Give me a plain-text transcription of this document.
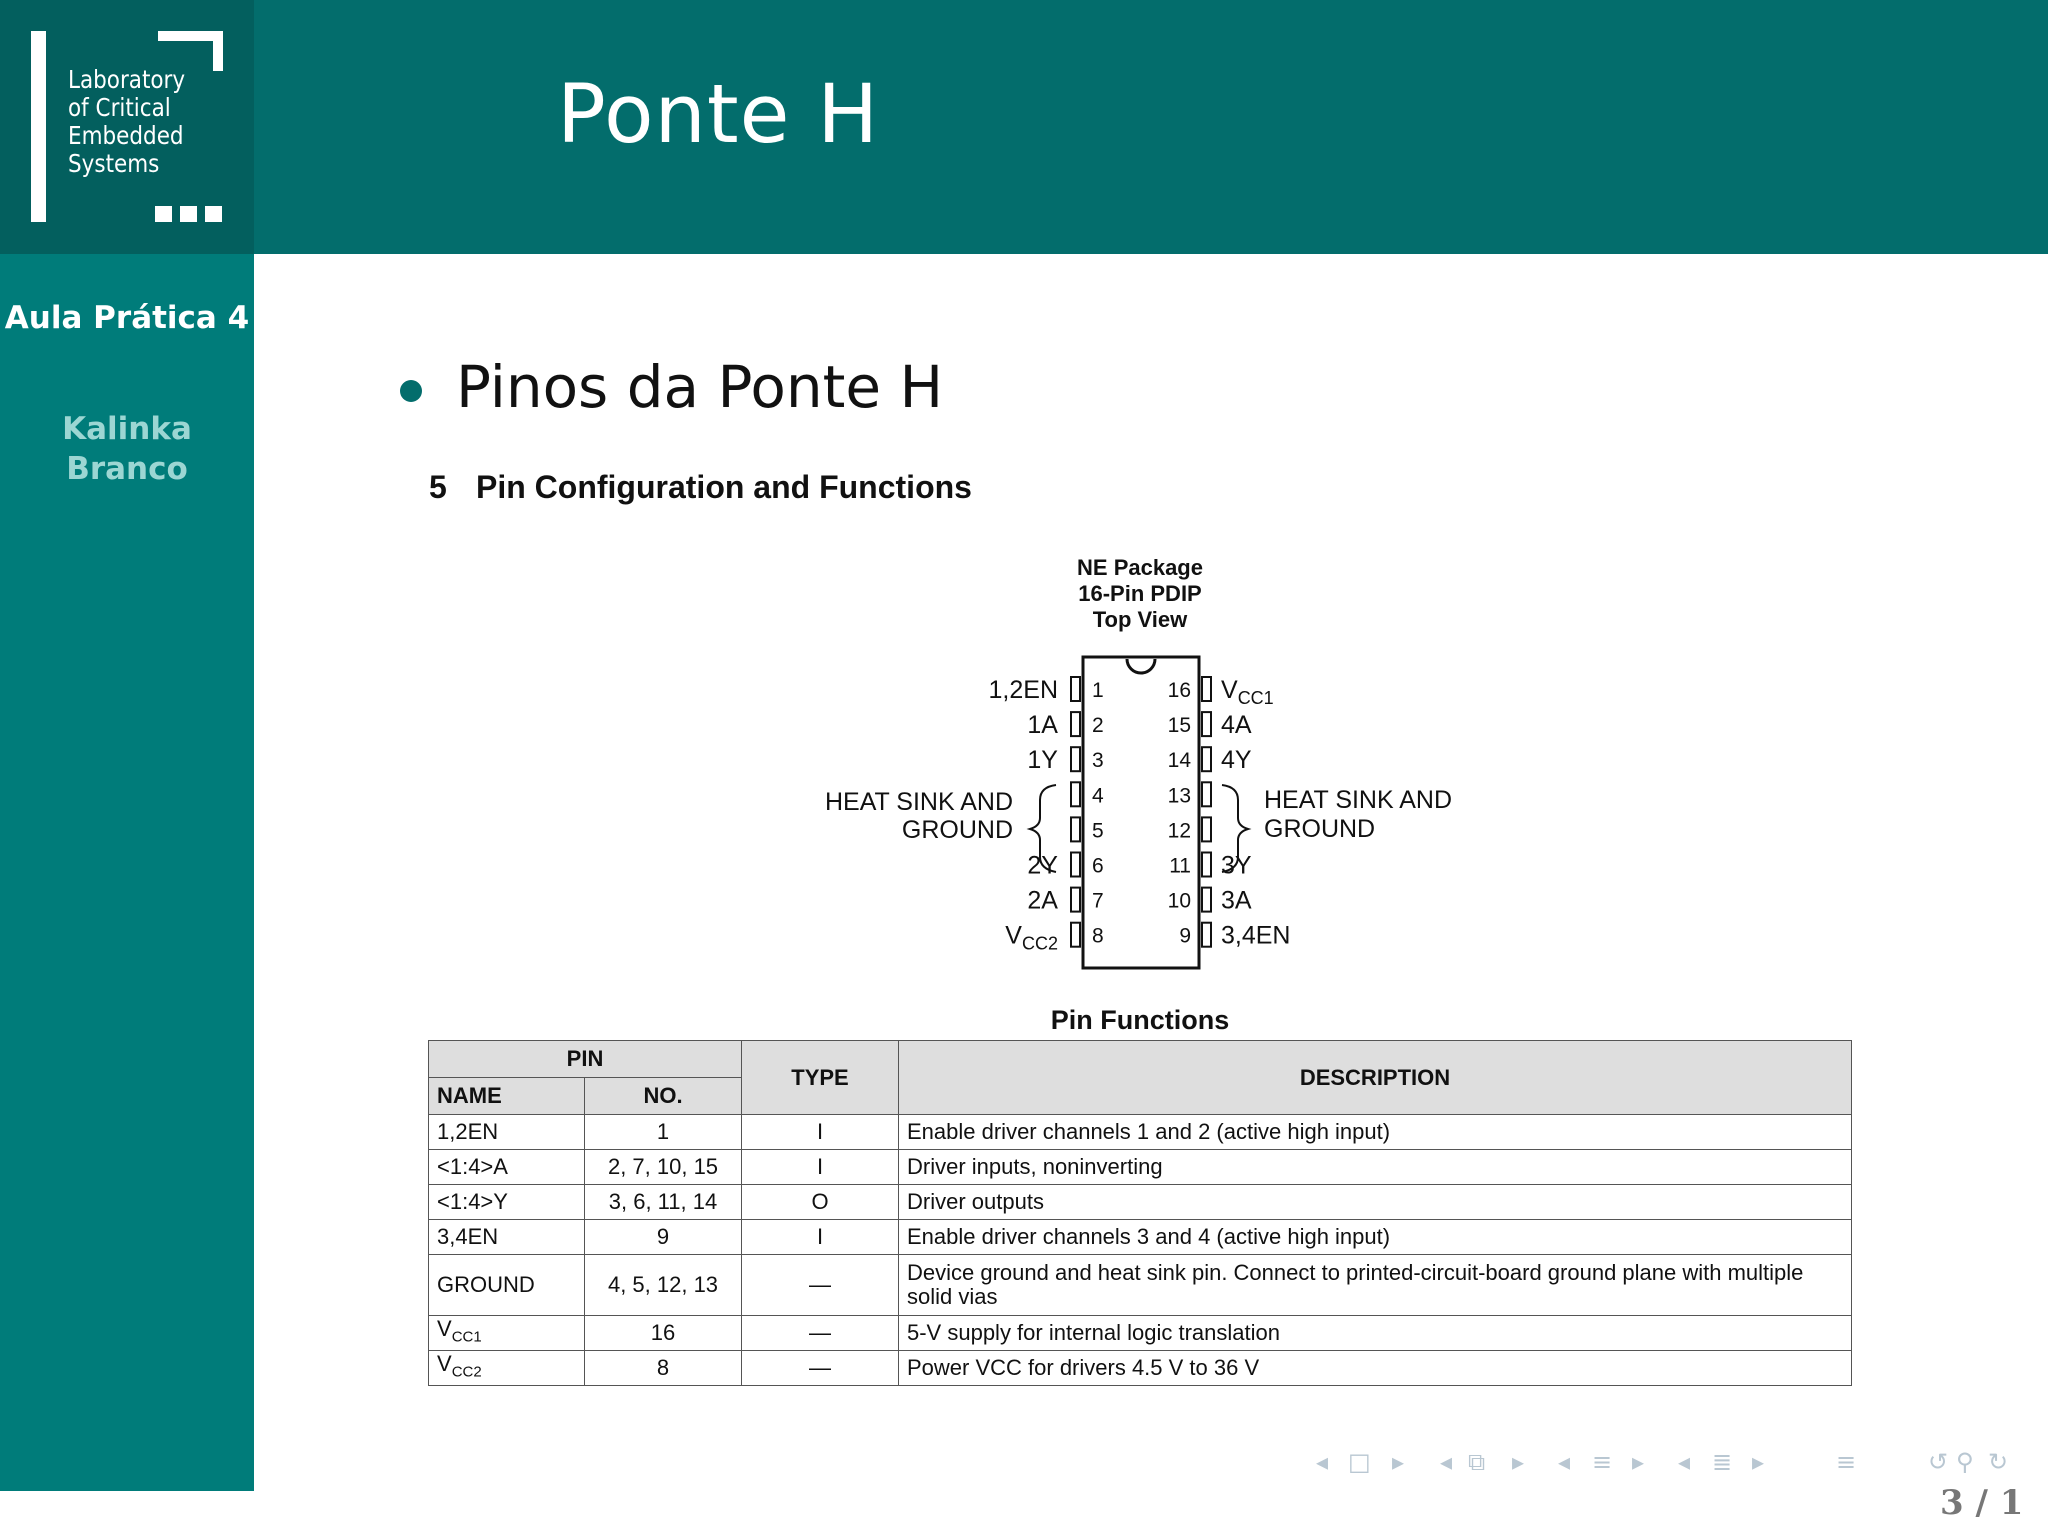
Ponte H
Laboratory
of Critical
Embedded
Systems
Aula Prática 4
Kalinka Branco
Pinos da Ponte H
5 Pin Configuration and Functions
NE Package
16-Pin PDIP
Top View
1
1,2EN
2
1A
3
1Y
4
5
6
2Y
7
2A
8
$V_{CC2}$
16 $V_{CC1}$
15 4A
14 4Y
13
12
11 3Y
10 3A
9 3,4EN
HEAT SINK AND
GROUND
HEAT SINK AND
GROUND
Pin Functions
PIN		TYPE	DESCRIPTION
NAME	NO.		
1,2EN	1	I	Enable driver channels 1 and 2 (active high input)
<1:4>A	2, 7, 10, 15	I	Driver inputs, noninverting
<1:4>Y	3, 6, 11, 14	O	Driver outputs
3,4EN	9	I	Enable driver channels 3 and 4 (active high input)
GROUND	4, 5, 12, 13	—	Device ground and heat sink pin. Connect to printed-circuit-board ground plane with multiple solid vias
$V_{CC1}$	16	—	5-V supply for internal logic translation
$V_{CC2}$	8	—	Power VCC for drivers 4.5 V to 36 V
◂ □ ▸ ◂ ⧉ ▸ ◂ ≡ ▸ ◂ ≣ ▸	≡	↺ ⚲ ↻
3 / 1
